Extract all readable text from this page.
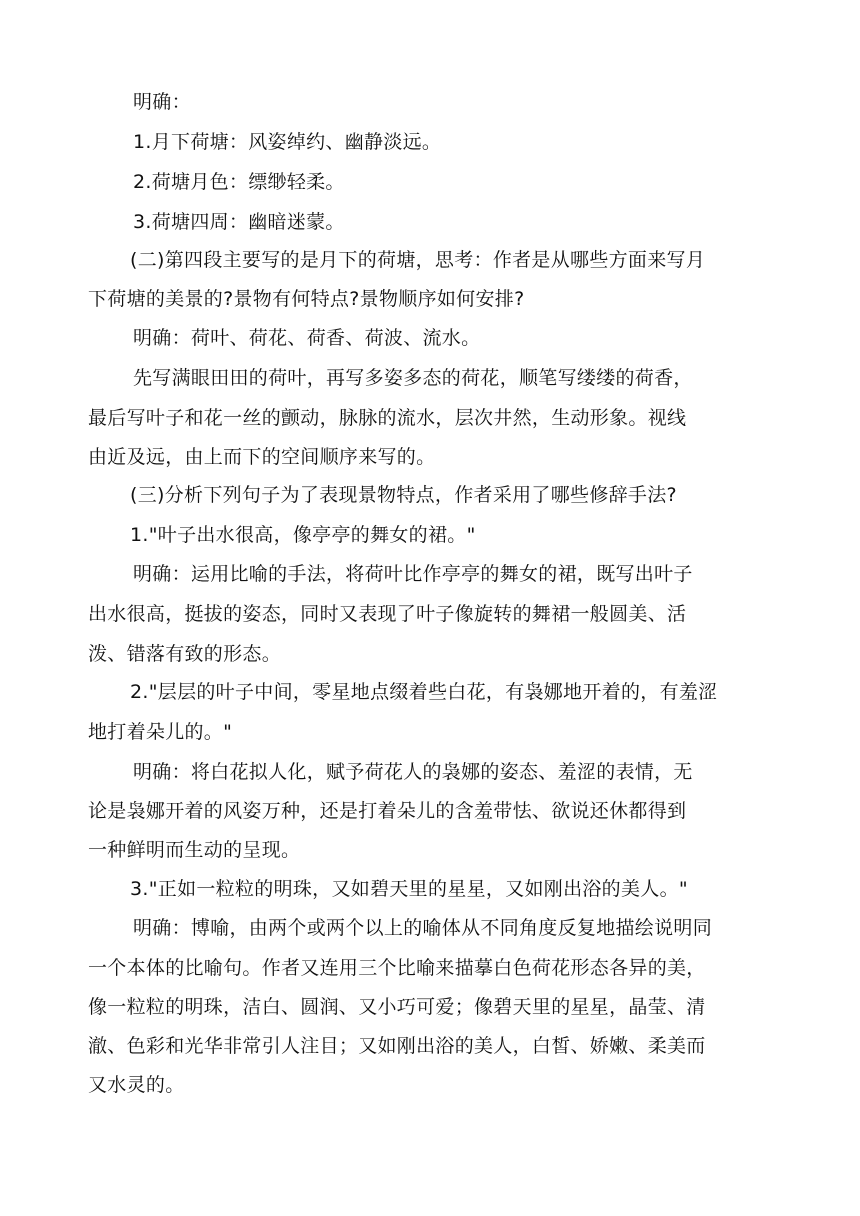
明确：
1.月下荷塘：风姿绰约、幽静淡远。
2.荷塘月色：缥缈轻柔。
3.荷塘四周：幽暗迷蒙。
(二)第四段主要写的是月下的荷塘，思考：作者是从哪些方面来写月
下荷塘的美景的?景物有何特点?景物顺序如何安排?
明确：荷叶、荷花、荷香、荷波、流水。
先写满眼田田的荷叶，再写多姿多态的荷花，顺笔写缕缕的荷香，
最后写叶子和花一丝的颤动，脉脉的流水，层次井然，生动形象。视线
由近及远，由上而下的空间顺序来写的。
(三)分析下列句子为了表现景物特点，作者采用了哪些修辞手法?
1."叶子出水很高，像亭亭的舞女的裙。"
明确：运用比喻的手法，将荷叶比作亭亭的舞女的裙，既写出叶子
出水很高，挺拔的姿态，同时又表现了叶子像旋转的舞裙一般圆美、活
泼、错落有致的形态。
2."层层的叶子中间，零星地点缀着些白花，有袅娜地开着的，有羞涩
地打着朵儿的。"
明确：将白花拟人化，赋予荷花人的袅娜的姿态、羞涩的表情，无
论是袅娜开着的风姿万种，还是打着朵儿的含羞带怯、欲说还休都得到
一种鲜明而生动的呈现。
3."正如一粒粒的明珠，又如碧天里的星星，又如刚出浴的美人。"
明确：博喻，由两个或两个以上的喻体从不同角度反复地描绘说明同
一个本体的比喻句。作者又连用三个比喻来描摹白色荷花形态各异的美，
像一粒粒的明珠，洁白、圆润、又小巧可爱；像碧天里的星星，晶莹、清
澈、色彩和光华非常引人注目；又如刚出浴的美人，白皙、娇嫩、柔美而
又水灵的。
